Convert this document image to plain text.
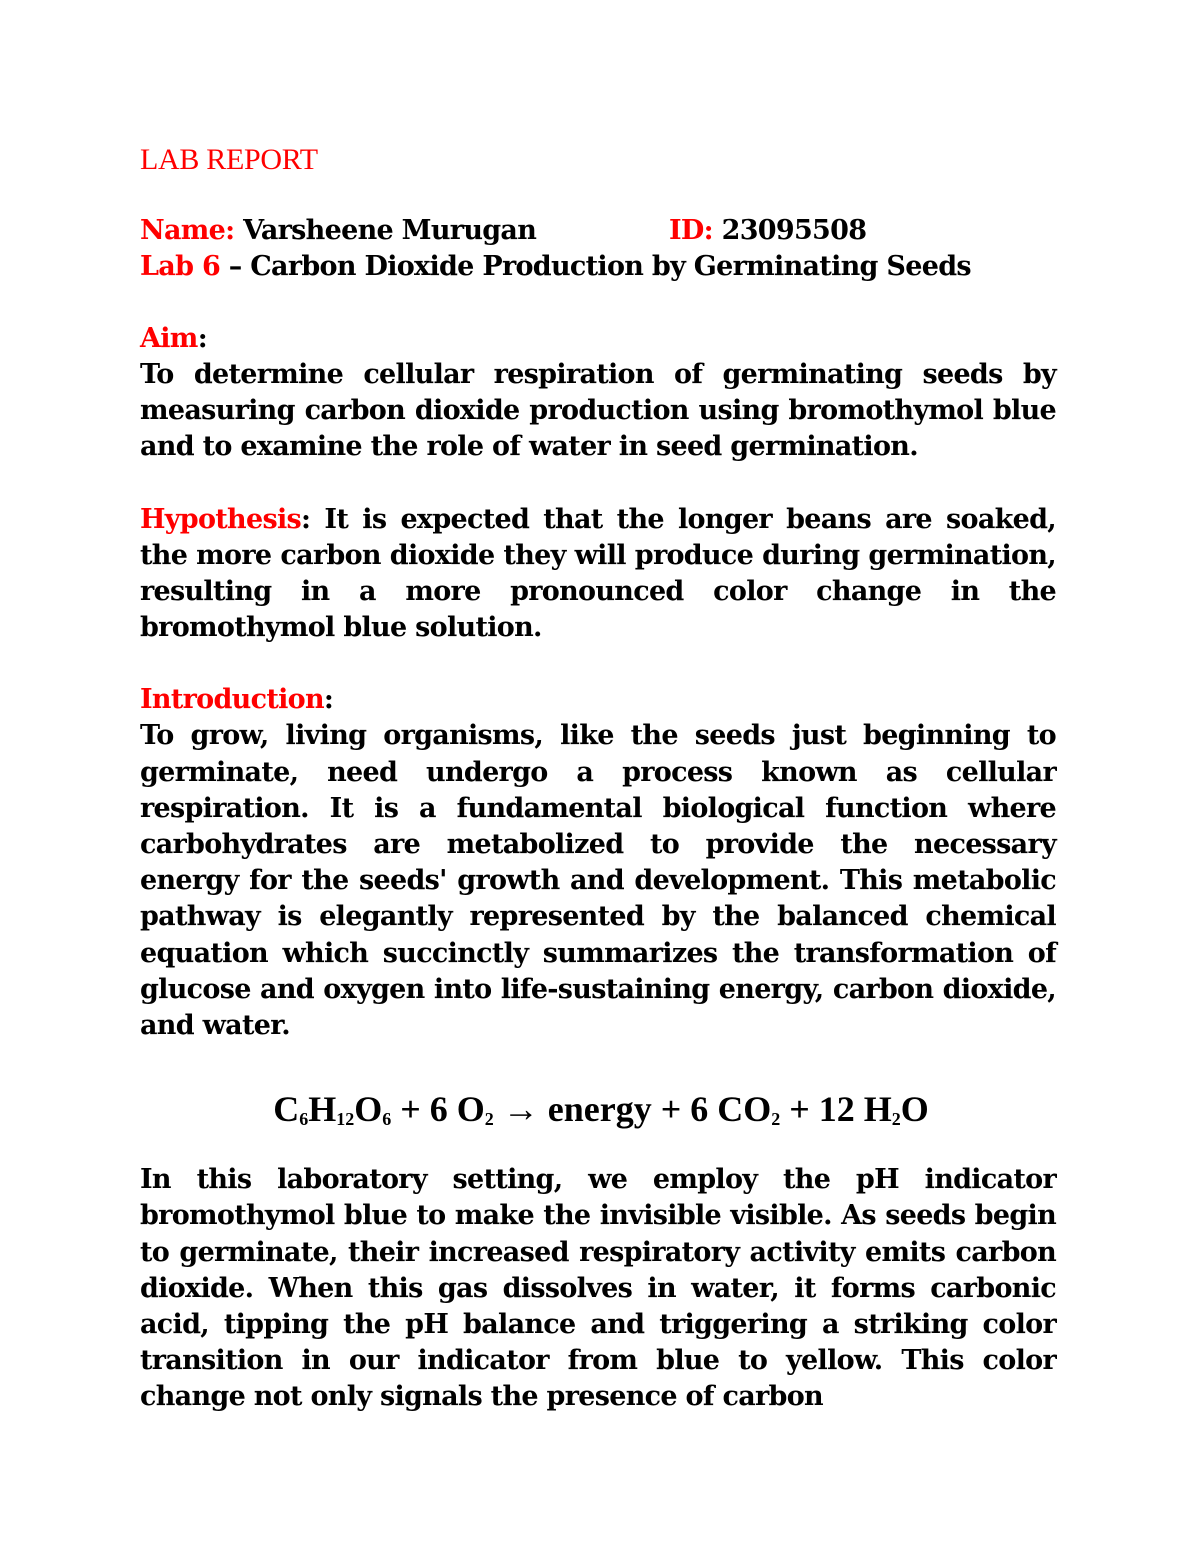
LAB REPORT
Name: Varsheene Murugan	ID: 23095508
Lab 6 – Carbon Dioxide Production by Germinating Seeds
Aim:

To determine cellular respiration of germinating seeds by measuring carbon dioxide production using bromothymol blue and to examine the role of water in seed germination.

Hypothesis: It is expected that the longer beans are soaked, the more carbon dioxide they will produce during germination, resulting in a more pronounced color change in the bromothymol blue solution.

Introduction:

To grow, living organisms, like the seeds just beginning to germinate, need undergo a process known as cellular respiration. It is a fundamental biological function where carbohydrates are metabolized to provide the necessary energy for the seeds' growth and development. This metabolic pathway is elegantly represented by the balanced chemical equation which succinctly summarizes the transformation of glucose and oxygen into life-sustaining energy, carbon dioxide, and water.

$C_6H_{12}O_6 + 6$ $O_2$ → energy + 6 $CO_2 + 12$ $H_2O$

In this laboratory setting, we employ the pH indicator bromothymol blue to make the invisible visible. As seeds begin to germinate, their increased respiratory activity emits carbon dioxide. When this gas dissolves in water, it forms carbonic acid, tipping the pH balance and triggering a striking color transition in our indicator from blue to yellow. This color change not only signals the presence of carbon
